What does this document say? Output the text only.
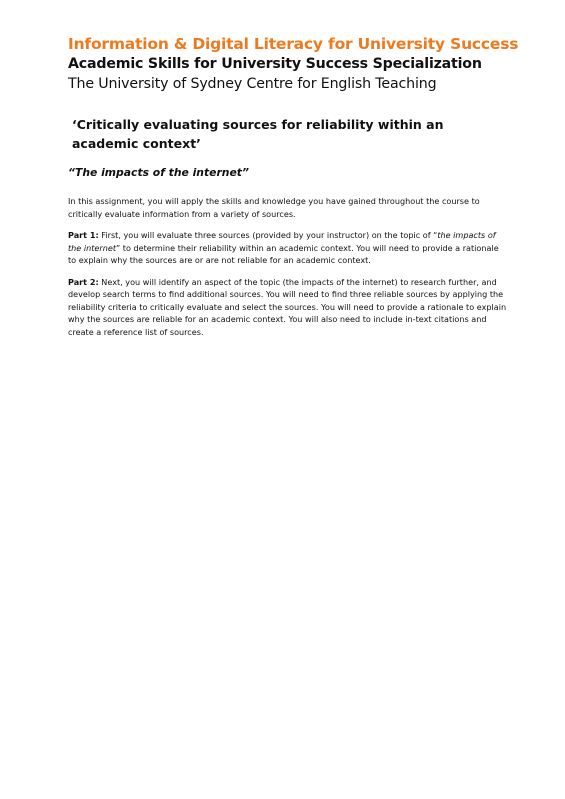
Information & Digital Literacy for University Success
Academic Skills for University Success Specialization
The University of Sydney Centre for English Teaching
‘Critically evaluating sources for reliability within an academic context’
“The impacts of the internet”

In this assignment, you will apply the skills and knowledge you have gained throughout the course to critically evaluate information from a variety of sources.

Part 1: First, you will evaluate three sources (provided by your instructor) on the topic of “the impacts of the internet” to determine their reliability within an academic context. You will need to provide a rationale to explain why the sources are or are not reliable for an academic context.

Part 2: Next, you will identify an aspect of the topic (the impacts of the internet) to research further, and develop search terms to find additional sources. You will need to find three reliable sources by applying the reliability criteria to critically evaluate and select the sources. You will need to provide a rationale to explain why the sources are reliable for an academic context. You will also need to include in-text citations and create a reference list of sources.
